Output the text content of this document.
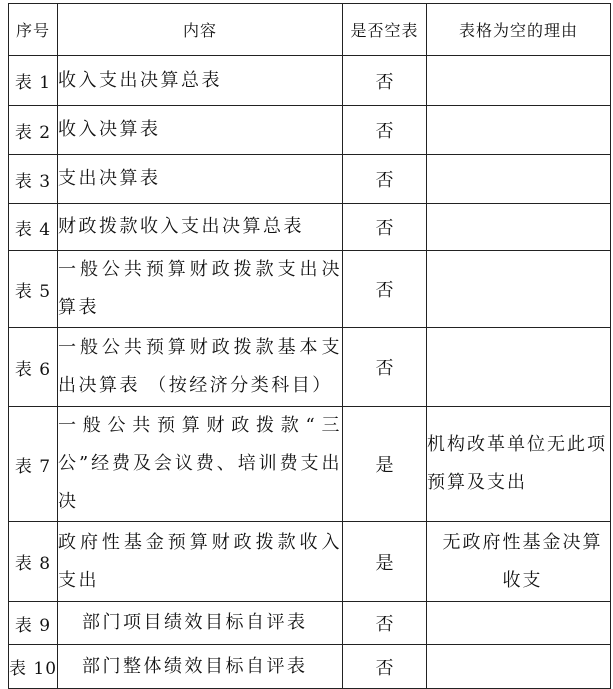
序号	内容	是否空表	表格为空的理由
表 1	收入支出决算总表	否	
表 2	收入决算表	否	
表 3	支出决算表	否	
表 4	财政拨款收入支出决算总表	否	
表 5	一般公共预算财政拨款支出决算表	否	
表 6	一般公共预算财政拨款基本支出决算表 （按经济分类科目）	否	
表 7	一般公共预算财政拨款“三公”经费及会议费、培训费支出决	是	机构改革单位无此项预算及支出
表 8	政府性基金预算财政拨款收入支出	是	无政府性基金决算收支
表 9	部门项目绩效目标自评表	否	
表 10	部门整体绩效目标自评表	否	
